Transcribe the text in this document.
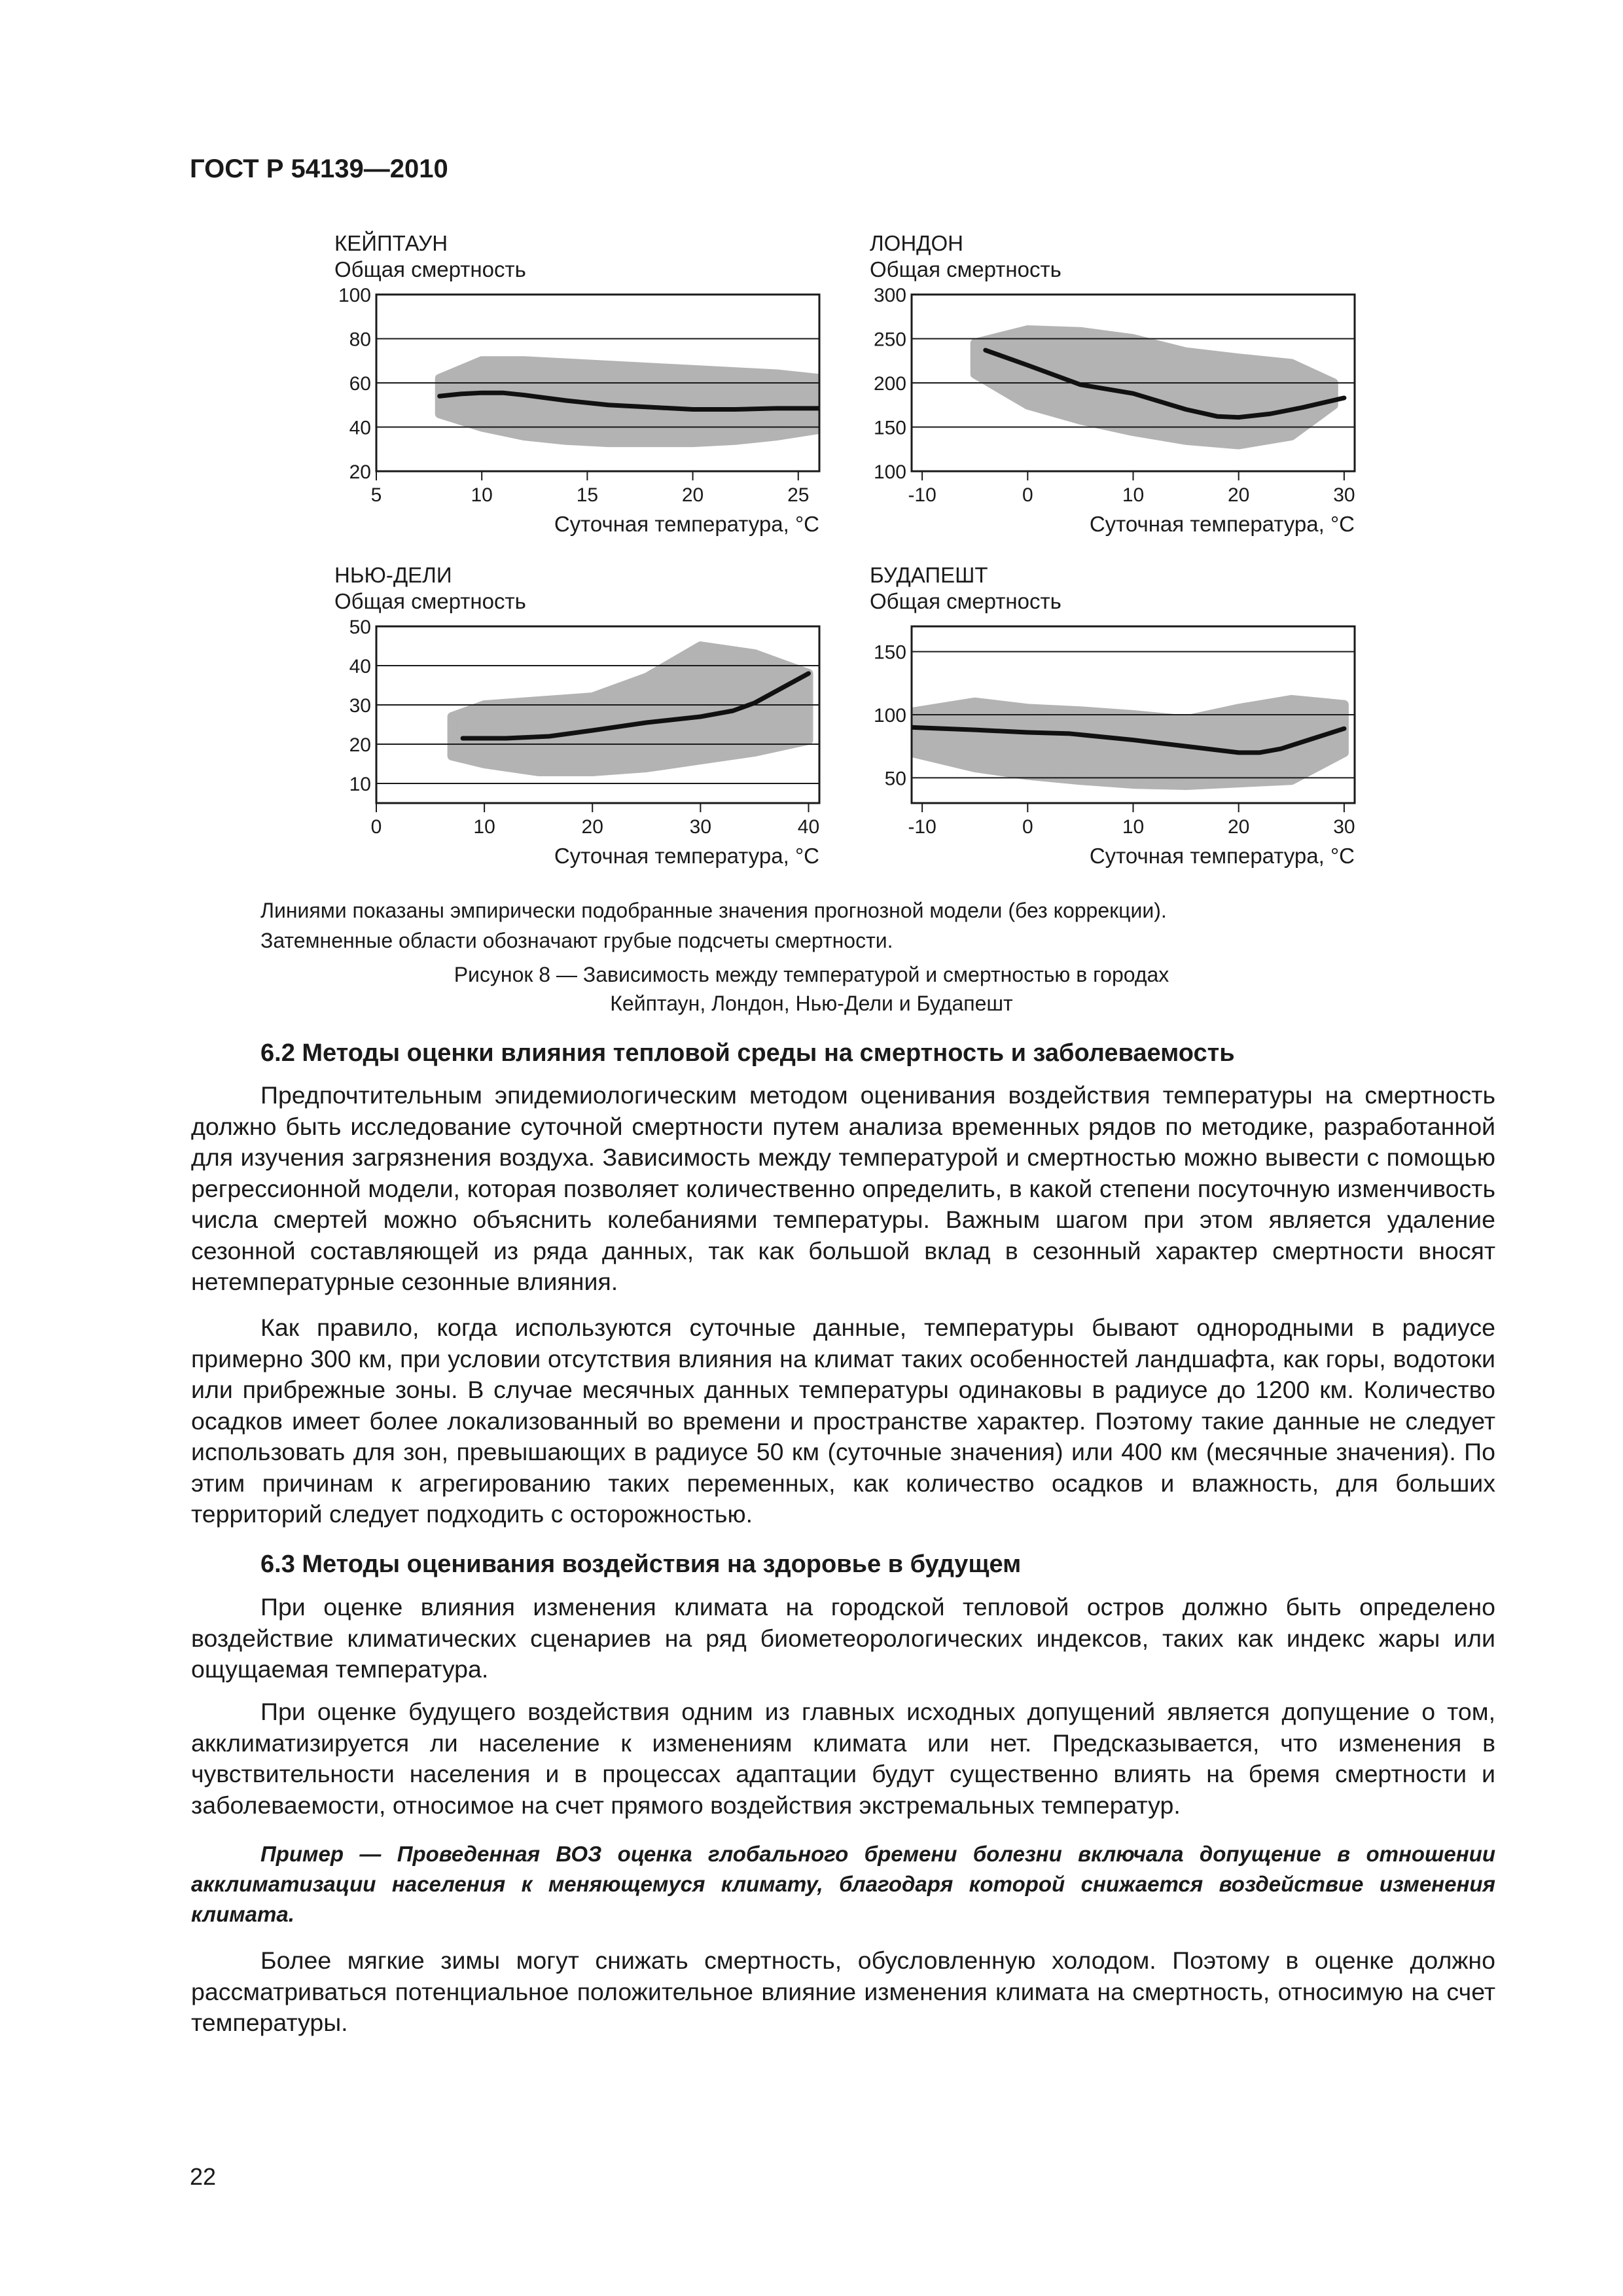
ГОСТ Р 54139—2010
КЕЙПТАУН
Общая смертность
20
40
60
80
100
5	10	15	20	25
Суточная температура, °C
ЛОНДОН
Общая смертность
100
150
200
250
300
-10	0	10	20	30
Суточная температура, °C
НЬЮ-ДЕЛИ
Общая смертность
10
20
30
40
50
0	10	20	30	40
Суточная температура, °C
БУДАПЕШТ
Общая смертность
50
100
150
-10	0	10	20	30
Суточная температура, °C
Линиями показаны эмпирически подобранные значения прогнозной модели (без коррекции).
Затемненные области обозначают грубые подсчеты смертности.
Рисунок 8 — Зависимость между температурой и смертностью в городах
Кейптаун, Лондон, Нью-Дели и Будапешт
6.2 Методы оценки влияния тепловой среды на смертность и заболеваемость

Предпочтительным эпидемиологическим методом оценивания воздействия температуры на смертность должно быть исследование суточной смертности путем анализа временных рядов по методике, разработанной для изучения загрязнения воздуха. Зависимость между температурой и смертностью можно вывести с помощью регрессионной модели, которая позволяет количественно определить, в какой степени посуточную изменчивость числа смертей можно объяснить колебаниями температуры. Важным шагом при этом является удаление сезонной составляющей из ряда данных, так как большой вклад в сезонный характер смертности вносят нетемпературные сезонные влияния.

Как правило, когда используются суточные данные, температуры бывают однородными в радиусе примерно 300 км, при условии отсутствия влияния на климат таких особенностей ландшафта, как горы, водотоки или прибрежные зоны. В случае месячных данных температуры одинаковы в радиусе до 1200 км. Количество осадков имеет более локализованный во времени и пространстве характер. Поэтому такие данные не следует использовать для зон, превышающих в радиусе 50 км (суточные значения) или 400 км (месячные значения). По этим причинам к агрегированию таких переменных, как количество осадков и влажность, для больших территорий следует подходить с осторожностью.

6.3 Методы оценивания воздействия на здоровье в будущем

При оценке влияния изменения климата на городской тепловой остров должно быть определено воздействие климатических сценариев на ряд биометеорологических индексов, таких как индекс жары или ощущаемая температура.

При оценке будущего воздействия одним из главных исходных допущений является допущение о том, акклиматизируется ли население к изменениям климата или нет. Предсказывается, что изменения в чувствительности населения и в процессах адаптации будут существенно влиять на бремя смертности и заболеваемости, относимое на счет прямого воздействия экстремальных температур.

Пример — Проведенная ВОЗ оценка глобального бремени болезни включала допущение в отношении акклиматизации населения к меняющемуся климату, благодаря которой снижается воздействие изменения климата.

Более мягкие зимы могут снижать смертность, обусловленную холодом. Поэтому в оценке должно рассматриваться потенциальное положительное влияние изменения климата на смертность, относимую на счет температуры.

22
